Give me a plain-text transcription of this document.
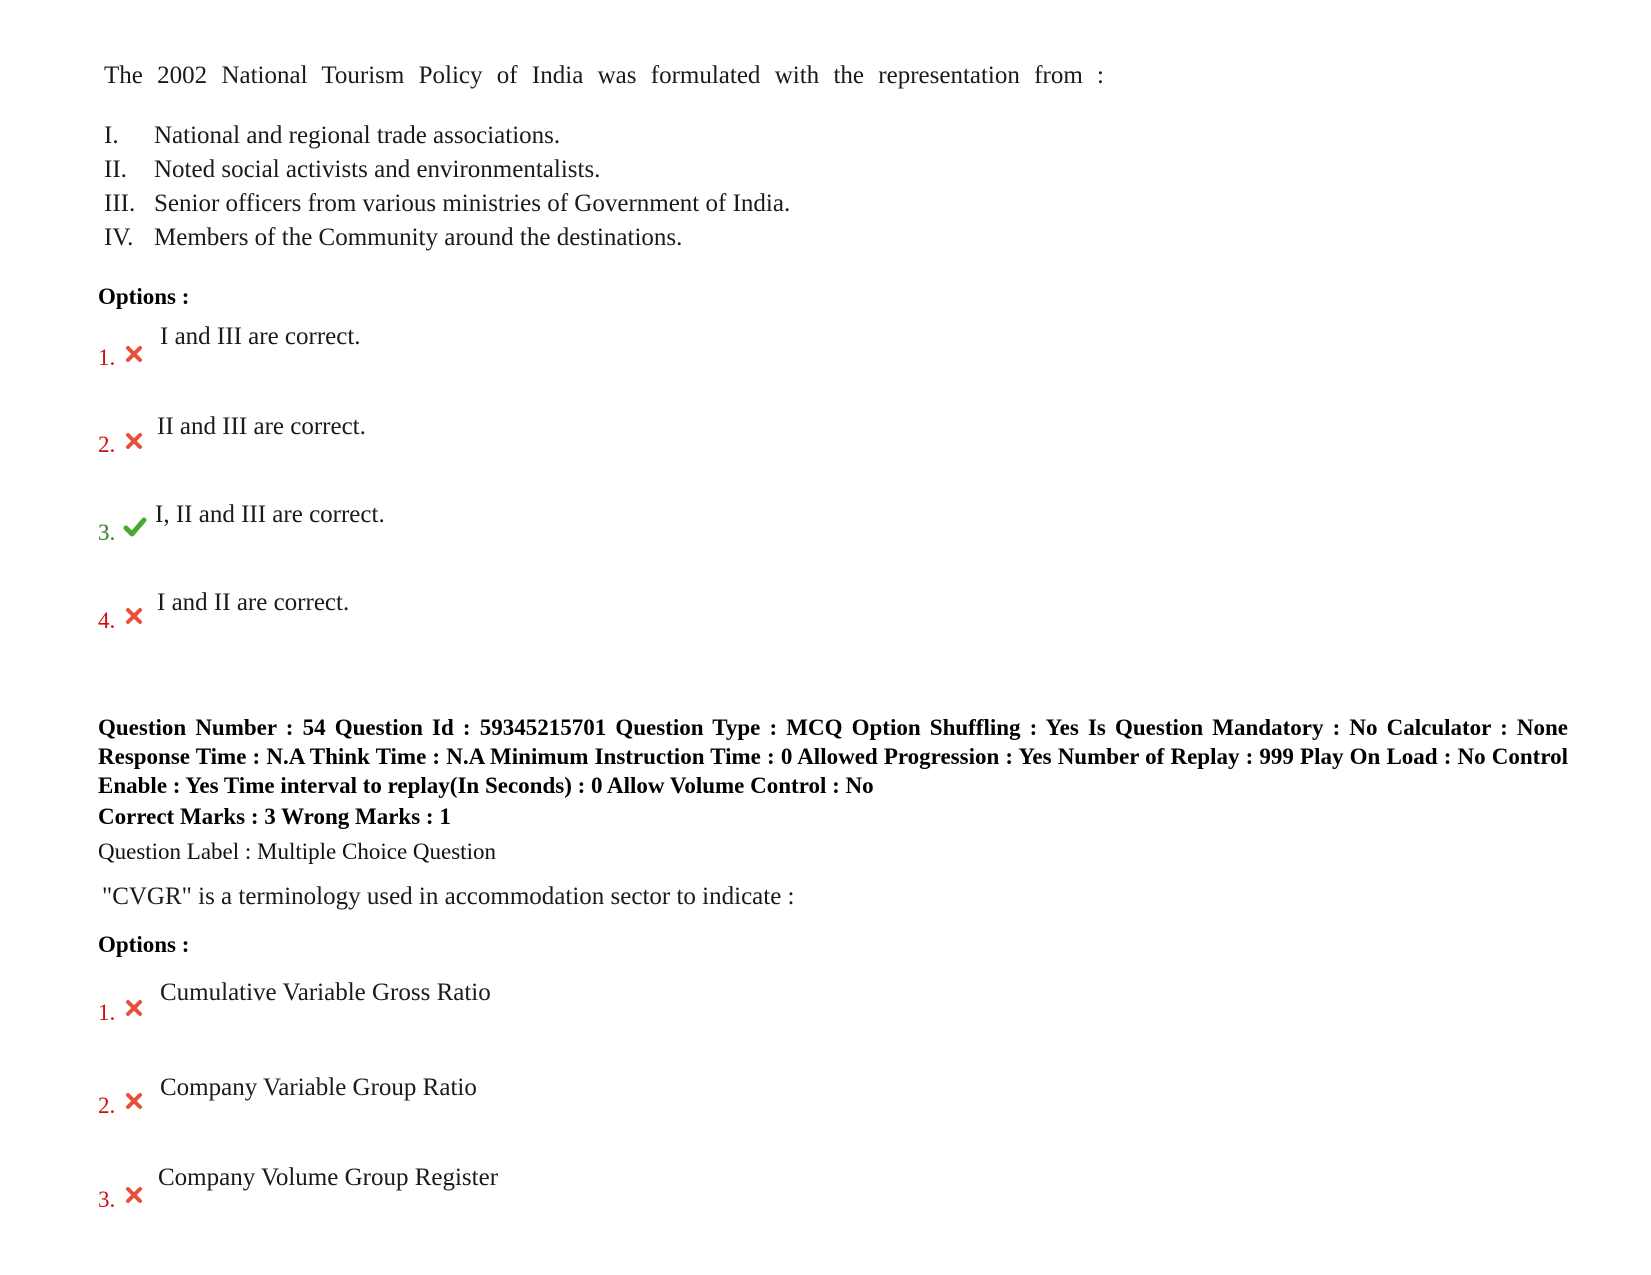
The 2002 National Tourism Policy of India was formulated with the representation from :
I. National and regional trade associations.
II. Noted social activists and environmentalists.
III. Senior officers from various ministries of Government of India.
IV. Members of the Community around the destinations.
Options :
1.
I and III are correct.
2.
II and III are correct.
3.
I, II and III are correct.
4.
I and II are correct.
Question Number : 54 Question Id : 59345215701 Question Type : MCQ Option Shuffling : Yes Is Question Mandatory : No Calculator : None Response Time : N.A Think Time : N.A Minimum Instruction Time : 0 Allowed Progression : Yes Number of Replay : 999 Play On Load : No Control Enable : Yes Time interval to replay(In Seconds) : 0 Allow Volume Control : No
Correct Marks : 3 Wrong Marks : 1
Question Label : Multiple Choice Question
"CVGR" is a terminology used in accommodation sector to indicate :
Options :
1.
Cumulative Variable Gross Ratio
2.
Company Variable Group Ratio
3.
Company Volume Group Register
